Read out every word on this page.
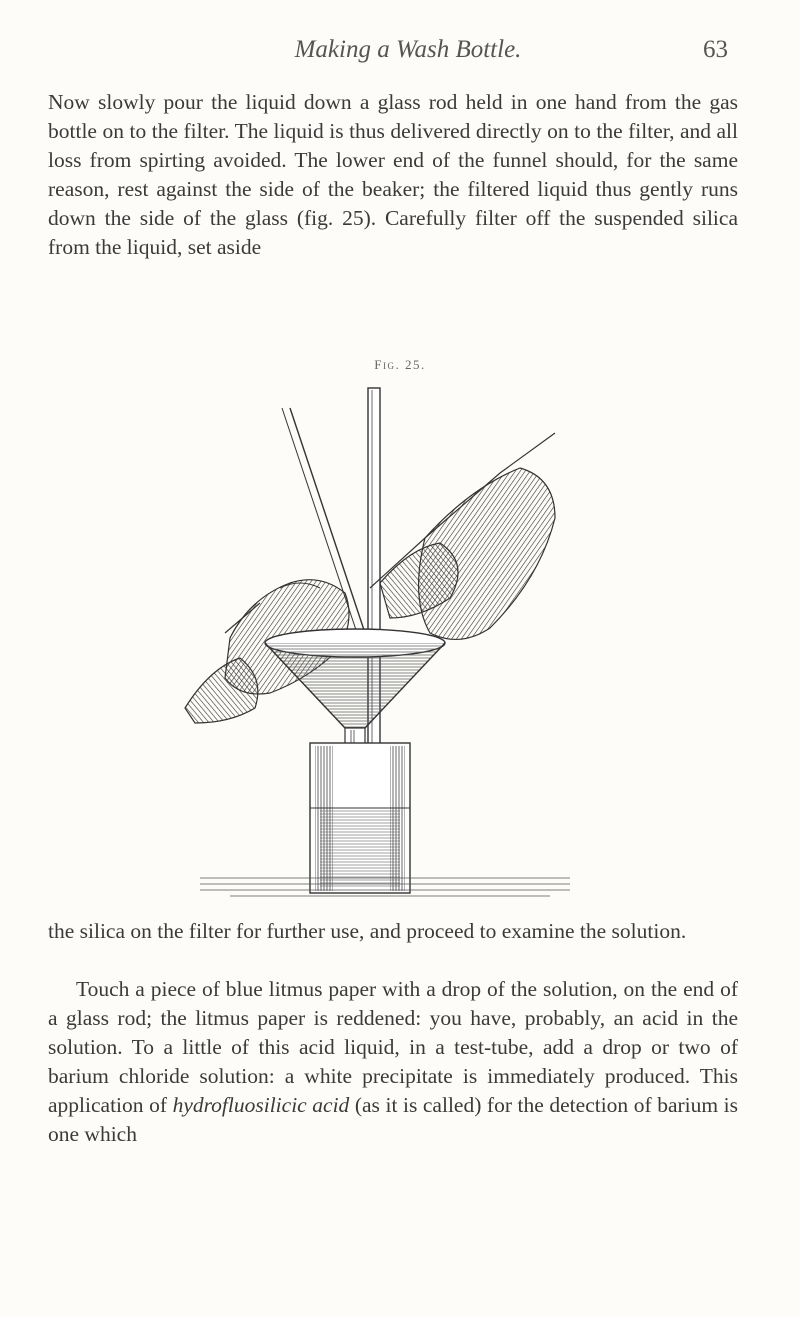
Making a Wash Bottle.	63

Now slowly pour the liquid down a glass rod held in one hand from the gas bottle on to the filter. The liquid is thus delivered directly on to the filter, and all loss from spirting avoided. The lower end of the funnel should, for the same reason, rest against the side of the beaker; the filtered liquid thus gently runs down the side of the glass (fig. 25). Carefully filter off the suspended silica from the liquid, set aside

Fig. 25.

the silica on the filter for further use, and proceed to examine the solution.

Touch a piece of blue litmus paper with a drop of the solution, on the end of a glass rod; the litmus paper is reddened: you have, probably, an acid in the solution. To a little of this acid liquid, in a test-tube, add a drop or two of barium chloride solution: a white precipitate is immediately produced. This application of hydrofluosilicic acid (as it is called) for the detection of barium is one which
